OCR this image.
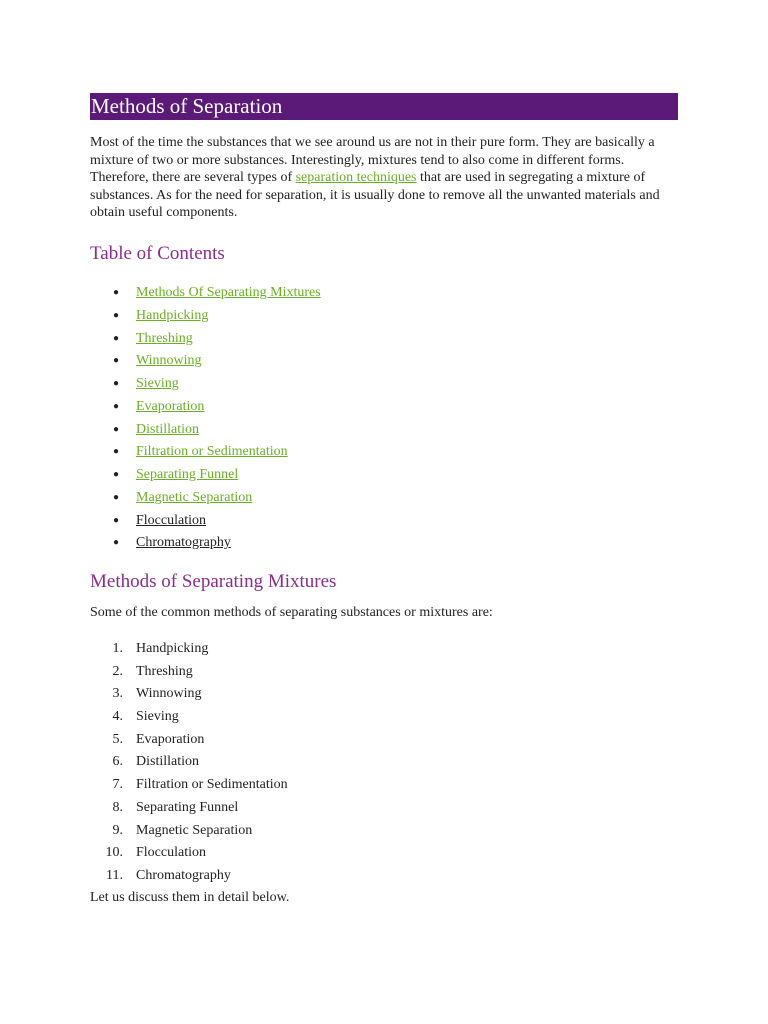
Methods of Separation

Most of the time the substances that we see around us are not in their pure form. They are basically a mixture of two or more substances. Interestingly, mixtures tend to also come in different forms. Therefore, there are several types of separation techniques that are used in segregating a mixture of substances. As for the need for separation, it is usually done to remove all the unwanted materials and obtain useful components.

Table of Contents
● Methods Of Separating Mixtures
● Handpicking
● Threshing
● Winnowing
● Sieving
● Evaporation
● Distillation
● Filtration or Sedimentation
● Separating Funnel
● Magnetic Separation
● Flocculation
● Chromatography
Methods of Separating Mixtures

Some of the common methods of separating substances or mixtures are:

1. Handpicking
2. Threshing
3. Winnowing
4. Sieving
5. Evaporation
6. Distillation
7. Filtration or Sedimentation
8. Separating Funnel
9. Magnetic Separation
10. Flocculation
11. Chromatography

Let us discuss them in detail below.
